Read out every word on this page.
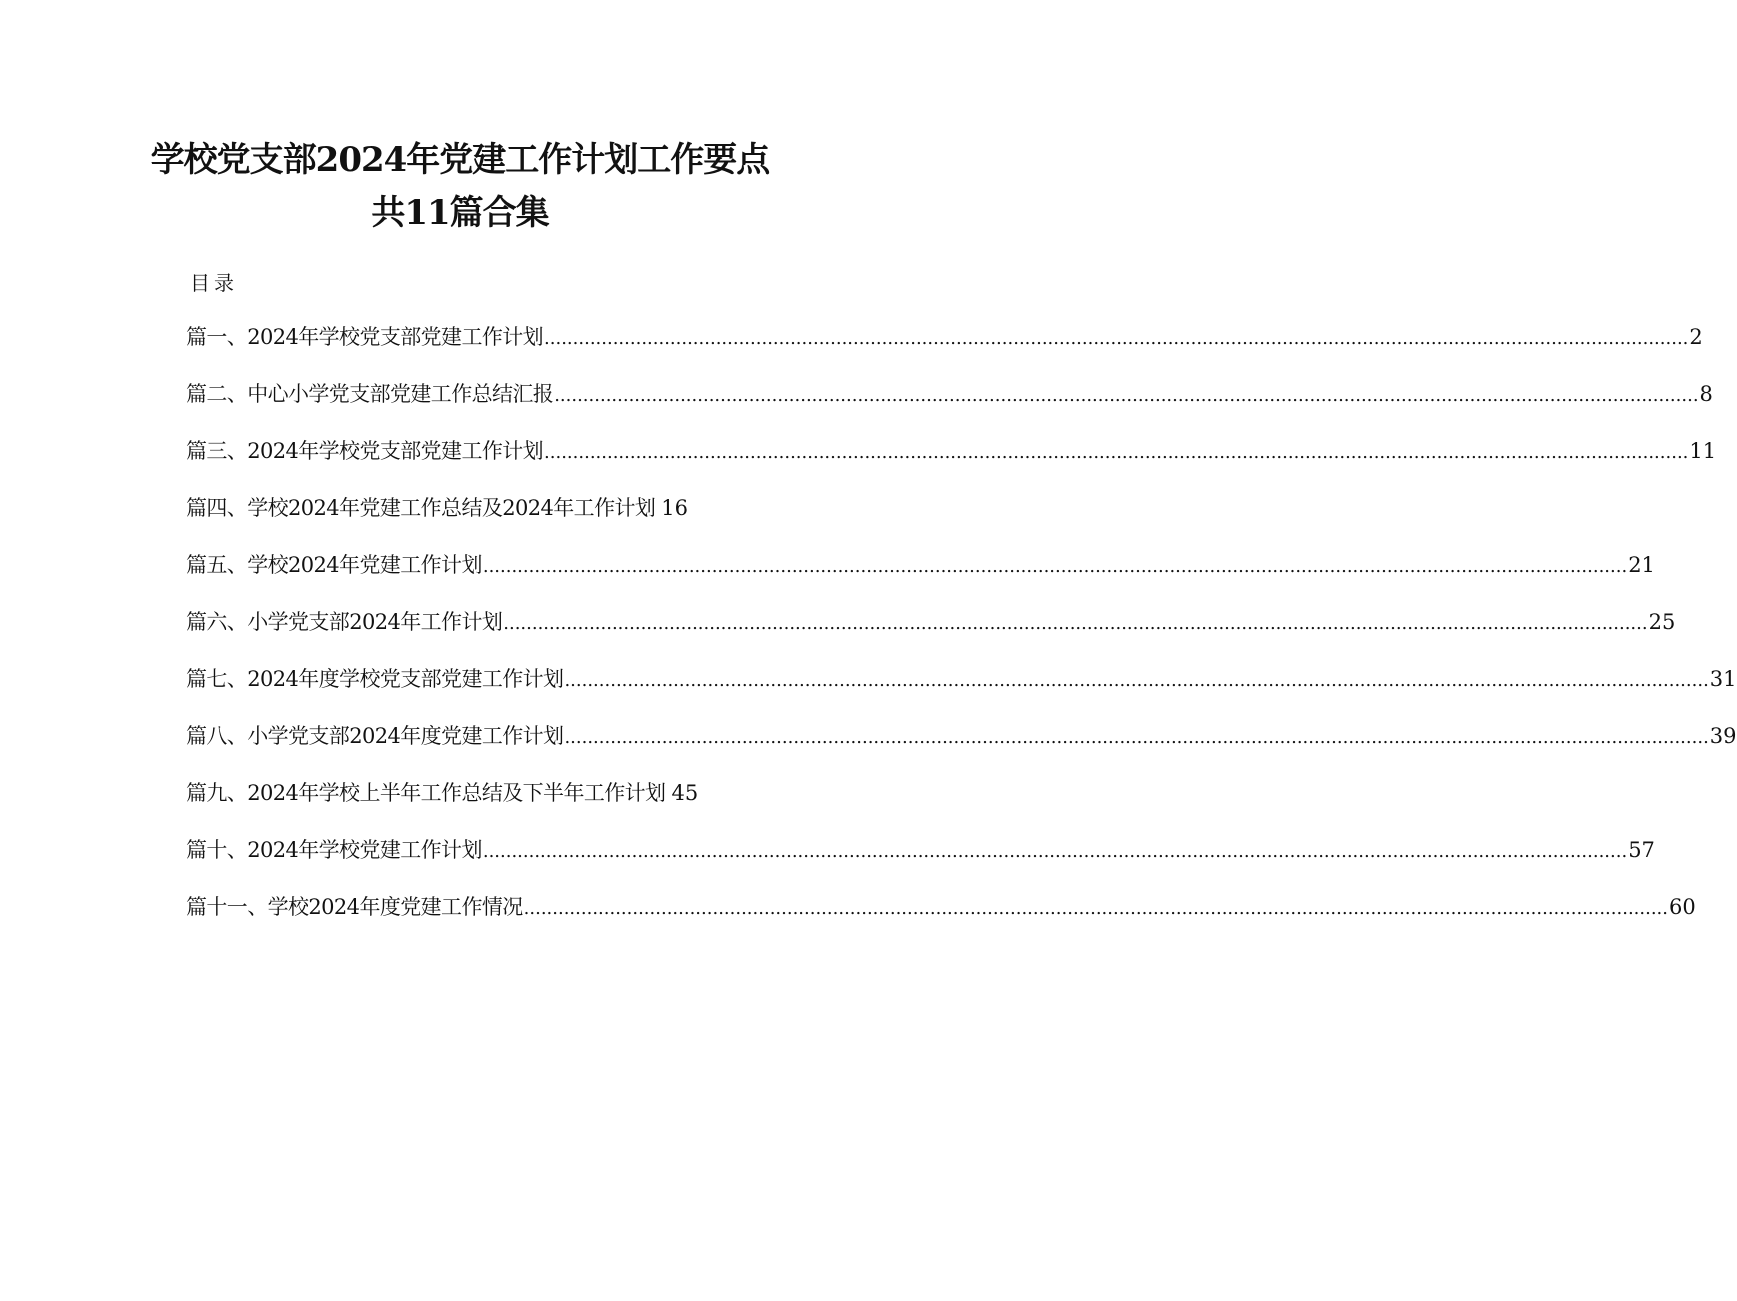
学校党支部2024年党建工作计划工作要点
共11篇合集
目录
篇一、2024年学校党支部党建工作计划 ........................................................................................................................................................................................................ 2
篇二、中心小学党支部党建工作总结汇报 ........................................................................................................................................................................................................ 8
篇三、2024年学校党支部党建工作计划 ........................................................................................................................................................................................................ 11
篇四、学校2024年党建工作总结及2024年工作计划 16
篇五、学校2024年党建工作计划 ........................................................................................................................................................................................................ 21
篇六、小学党支部2024年工作计划 ........................................................................................................................................................................................................ 25
篇七、2024年度学校党支部党建工作计划 ........................................................................................................................................................................................................ 31
篇八、小学党支部2024年度党建工作计划 ........................................................................................................................................................................................................ 39
篇九、2024年学校上半年工作总结及下半年工作计划 45
篇十、2024年学校党建工作计划 ........................................................................................................................................................................................................ 57
篇十一、学校2024年度党建工作情况 ........................................................................................................................................................................................................ 60
